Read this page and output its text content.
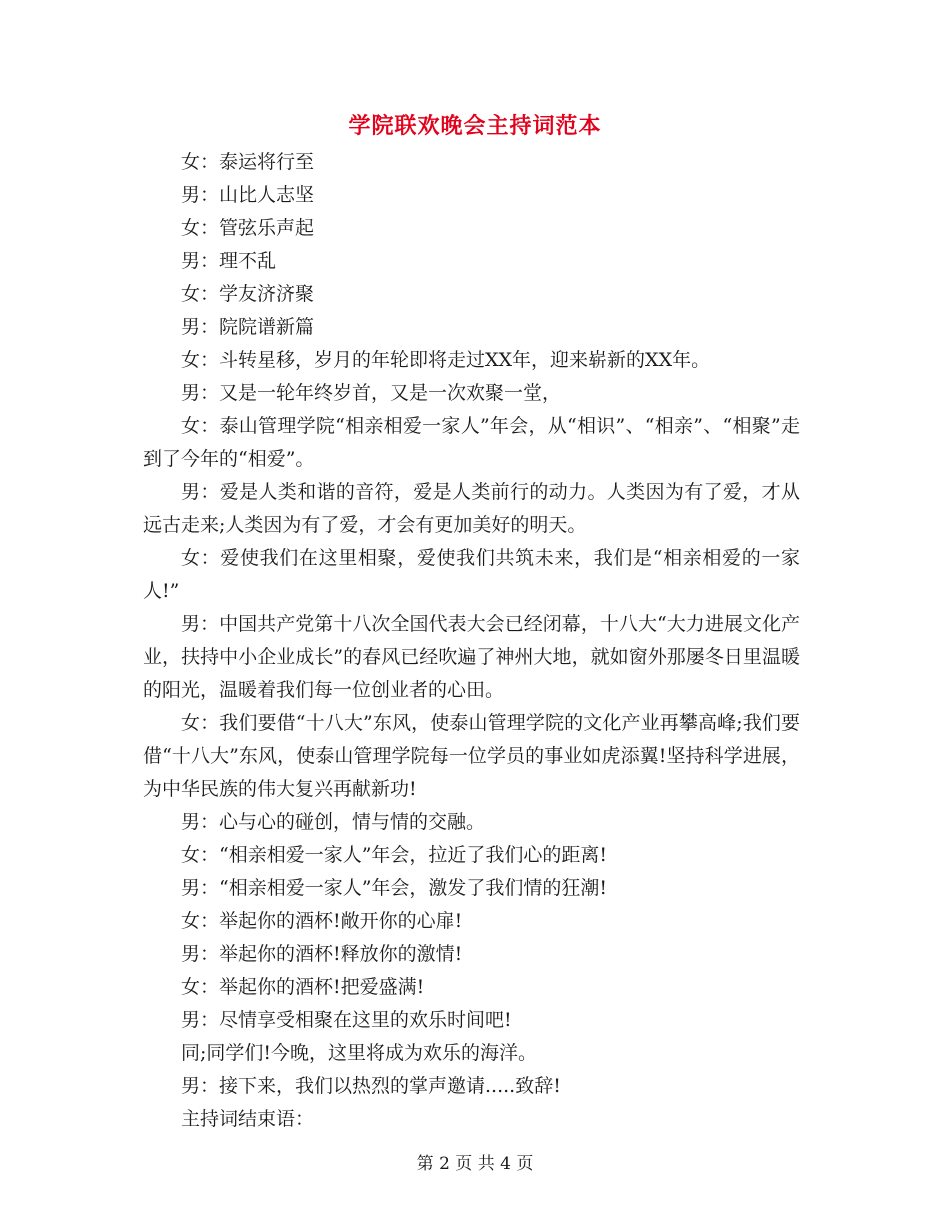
学院联欢晚会主持词范本

女：泰运将行至

男：山比人志坚

女：管弦乐声起

男：理不乱

女：学友济济聚

男：院院谱新篇

女：斗转星移，岁月的年轮即将走过XX年，迎来崭新的XX年。

男：又是一轮年终岁首，又是一次欢聚一堂，

女：泰山管理学院“相亲相爱一家人”年会，从“相识”、“相亲”、“相聚”走到了今年的“相爱”。

男：爱是人类和谐的音符，爱是人类前行的动力。人类因为有了爱，才从远古走来;人类因为有了爱，才会有更加美好的明天。

女：爱使我们在这里相聚，爱使我们共筑未来，我们是“相亲相爱的一家人!”

男：中国共产党第十八次全国代表大会已经闭幕，十八大“大力进展文化产业，扶持中小企业成长”的春风已经吹遍了神州大地，就如窗外那屡冬日里温暖的阳光，温暖着我们每一位创业者的心田。

女：我们要借“十八大”东风，使泰山管理学院的文化产业再攀高峰;我们要借“十八大”东风，使泰山管理学院每一位学员的事业如虎添翼!坚持科学进展，为中华民族的伟大复兴再献新功!

男：心与心的碰创，情与情的交融。

女：“相亲相爱一家人”年会，拉近了我们心的距离!

男：“相亲相爱一家人”年会，激发了我们情的狂潮!

女：举起你的酒杯!敞开你的心扉!

男：举起你的酒杯!释放你的激情!

女：举起你的酒杯!把爱盛满!

男：尽情享受相聚在这里的欢乐时间吧!

同;同学们!今晚，这里将成为欢乐的海洋。

男：接下来，我们以热烈的掌声邀请.....致辞!

主持词结束语：

第 2 页 共 4 页
